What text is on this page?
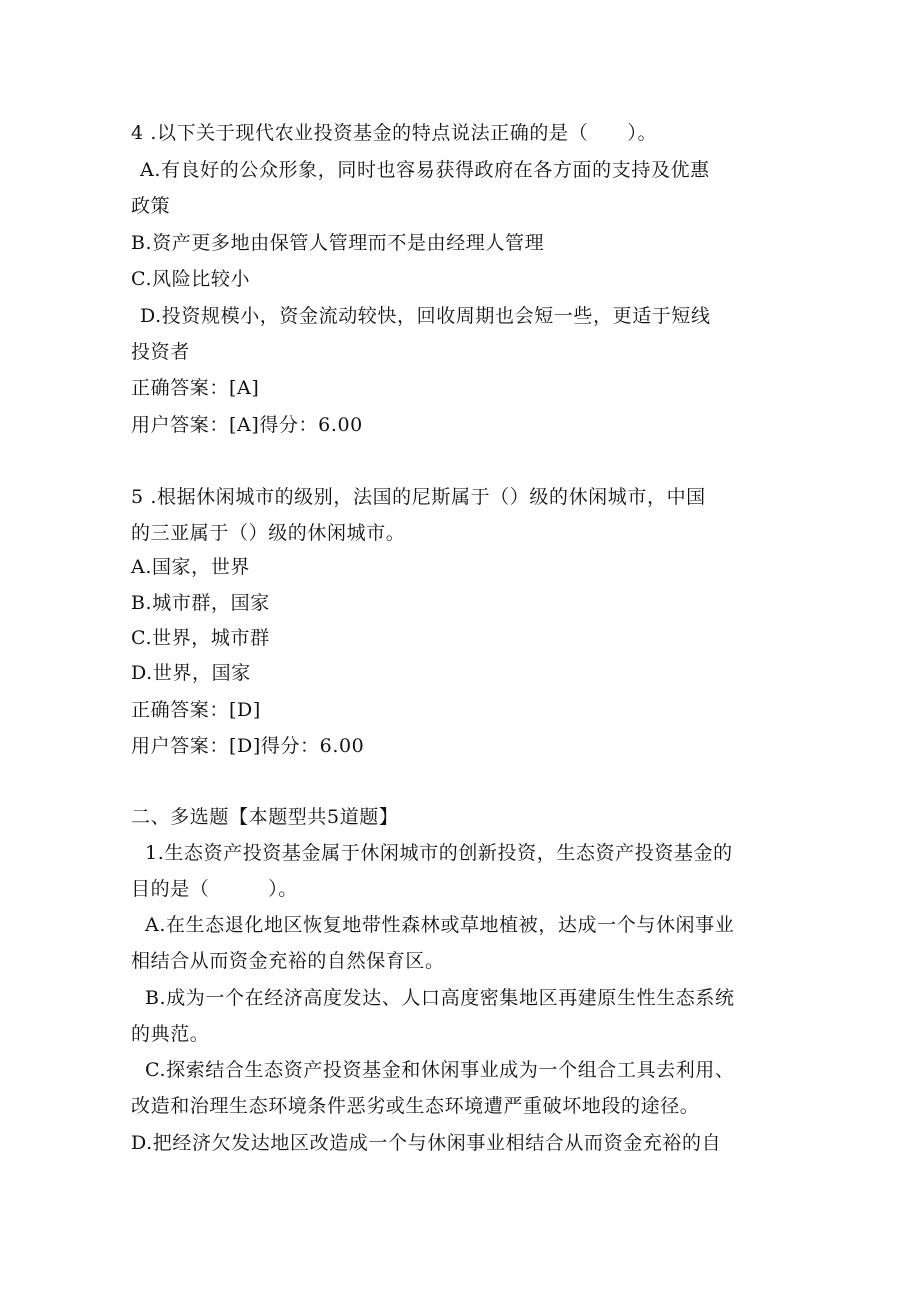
4 .以下关于现代农业投资基金的特点说法正确的是（　　）。
A.有良好的公众形象，同时也容易获得政府在各方面的支持及优惠
政策
B.资产更多地由保管人管理而不是由经理人管理
C.风险比较小
D.投资规模小，资金流动较快，回收周期也会短一些，更适于短线
投资者
正确答案：[A]
用户答案：[A]得分：6.00
5 .根据休闲城市的级别，法国的尼斯属于（）级的休闲城市，中国
的三亚属于（）级的休闲城市。
A.国家，世界
B.城市群，国家
C.世界，城市群
D.世界，国家
正确答案：[D]
用户答案：[D]得分：6.00
二、多选题【本题型共5道题】
1.生态资产投资基金属于休闲城市的创新投资，生态资产投资基金的
目的是（　　　）。
A.在生态退化地区恢复地带性森林或草地植被，达成一个与休闲事业
相结合从而资金充裕的自然保育区。
B.成为一个在经济高度发达、人口高度密集地区再建原生性生态系统
的典范。
C.探索结合生态资产投资基金和休闲事业成为一个组合工具去利用、
改造和治理生态环境条件恶劣或生态环境遭严重破坏地段的途径。
D.把经济欠发达地区改造成一个与休闲事业相结合从而资金充裕的自
